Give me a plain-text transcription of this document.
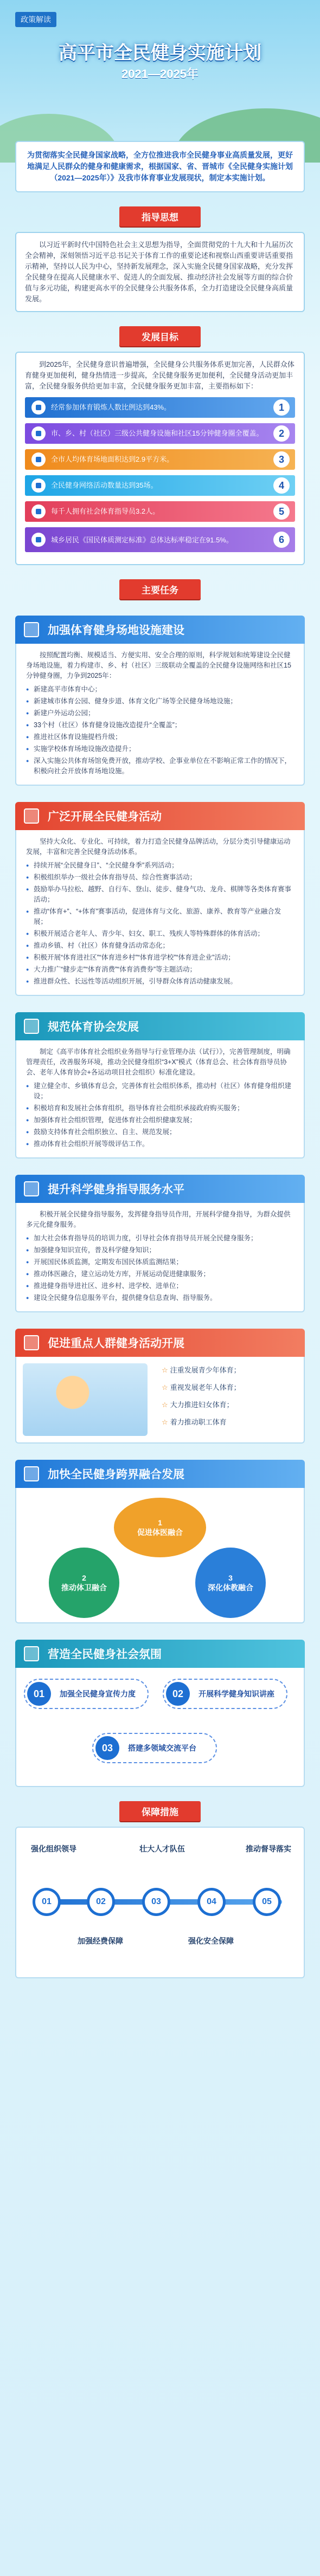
政策解读
高平市全民健身实施计划
2021—2025年
为贯彻落实全民健身国家战略，全方位推进我市全民健身事业高质量发展，更好地满足人民群众的健身和健康需求，根据国家、省、晋城市《全民健身实施计划（2021—2025年）》及我市体育事业发展现状，制定本实施计划。
指导思想
以习近平新时代中国特色社会主义思想为指导，全面贯彻党的十九大和十九届历次全会精神，深刻领悟习近平总书记关于体育工作的重要论述和视察山西重要讲话重要指示精神，坚持以人民为中心，坚持新发展理念，深入实施全民健身国家战略，充分发挥全民健身在提高人民健康水平、促进人的全面发展、推动经济社会发展等方面的综合价值与多元功能，构建更高水平的全民健身公共服务体系，全力打造建设全民健身高质量发展。
发展目标
到2025年，全民健身意识普遍增强，全民健身公共服务体系更加完善，人民群众体育健身更加便利，健身热情进一步提高，全民健身服务更加便利，全民健身活动更加丰富，全民健身服务供给更加丰富，全民健身服务更加丰富，主要指标如下：
经常参加体育锻炼人数比例达到43%。	1
市、乡、村（社区）三级公共健身设施和社区15分钟健身圈全覆盖。	2
全市人均体育场地面积达到2.9平方米。	3
全民健身网络活动数量达到35场。	4
每千人拥有社会体育指导员3.2人。	5
城乡居民《国民体质测定标准》总体达标率稳定在91.5%。	6
主要任务
加强体育健身场地设施建设

按照配置均衡、规模适当、方便实用、安全合理的原则，科学规划和统筹建设全民健身场地设施，着力构建市、乡、村（社区）三级联动全覆盖的全民健身设施网络和社区15分钟健身圈，力争到2025年：

● 新建高平市体育中心；
● 新建城市体育公园、健身步道、体育文化广场等全民健身场地设施；
● 新建户外运动公园；
● 33个村（社区）体育健身设施改造提升“全覆盖”；
● 推进社区体育设施提档升级；
● 实施学校体育场地设施改造提升；
● 深入实施公共体育场馆免费开放，推动学校、企事业单位在不影响正常工作的情况下，积极向社会开放体育场地设施。
广泛开展全民健身活动

坚持大众化、专业化、可持续，着力打造全民健身品牌活动，分层分类引导健康运动发展，丰富和完善全民健身活动体系。

● 持续开展“全民健身日”、“全民健身季”系列活动；
● 积极组织举办一级社会体育指导员、综合性赛事活动；
● 鼓励举办马拉松、越野、自行车、登山、徒步、健身气功、龙舟、棋牌等各类体育赛事活动；
● 推动“体育+”、“+体育”赛事活动，促进体育与文化、旅游、康养、教育等产业融合发展；
● 积极开展适合老年人、青少年、妇女、职工、残疾人等特殊群体的体育活动；
● 推动乡镇、村（社区）体育健身活动常态化；
● 积极开展“体育进社区”“体育进乡村”“体育进学校”“体育进企业”活动；
● 大力推广“健步走”“体育消费”“体育消费券”等主题活动；
● 推进群众性、长远性等活动组织开展，引导群众体育活动健康发展。
规范体育协会发展

制定《高平市体育社会组织业务指导与行业管理办法（试行）》，完善管理制度，明确管理责任，改善服务环境，推动全民健身组织“3+X”模式（体育总会、社会体育指导员协会、老年人体育协会+各运动项目社会组织）标准化建设。

● 建立健全市、乡镇体育总会，完善体育社会组织体系，推动村（社区）体育健身组织建设；
● 积极培育和发展社会体育组织，指导体育社会组织承接政府购买服务；
● 加强体育社会组织管理，促进体育社会组织健康发展；
● 鼓励支持体育社会组织独立、自主、规范发展；
● 推动体育社会组织开展等级评估工作。
提升科学健身指导服务水平

积极开展全民健身指导服务，发挥健身指导员作用，开展科学健身指导，为群众提供多元化健身服务。

● 加大社会体育指导员的培训力度，引导社会体育指导员开展全民健身服务；
● 加强健身知识宣传，普及科学健身知识；
● 开展国民体质监测，定期发布国民体质监测结果；
● 推动体医融合，建立运动处方库，开展运动促进健康服务；
● 推进健身指导进社区、进乡村、进学校、进单位；
● 建设全民健身信息服务平台，提供健身信息查询、指导服务。
促进重点人群健身活动开展
☆ 注重发展青少年体育；
☆ 重视发展老年人体育；
☆ 大力推进妇女体育；
☆ 着力推动职工体育
加快全民健身跨界融合发展
1
促进体医融合
2
推动体卫融合
3
深化体教融合
营造全民健身社会氛围
01	加强全民健身宣传力度	02	开展科学健身知识讲座
03	搭建多领域交流平台
保障措施
强化组织领导	壮大人才队伍	推动督导落实
01	02	03	04	05
加强经费保障	强化安全保障
